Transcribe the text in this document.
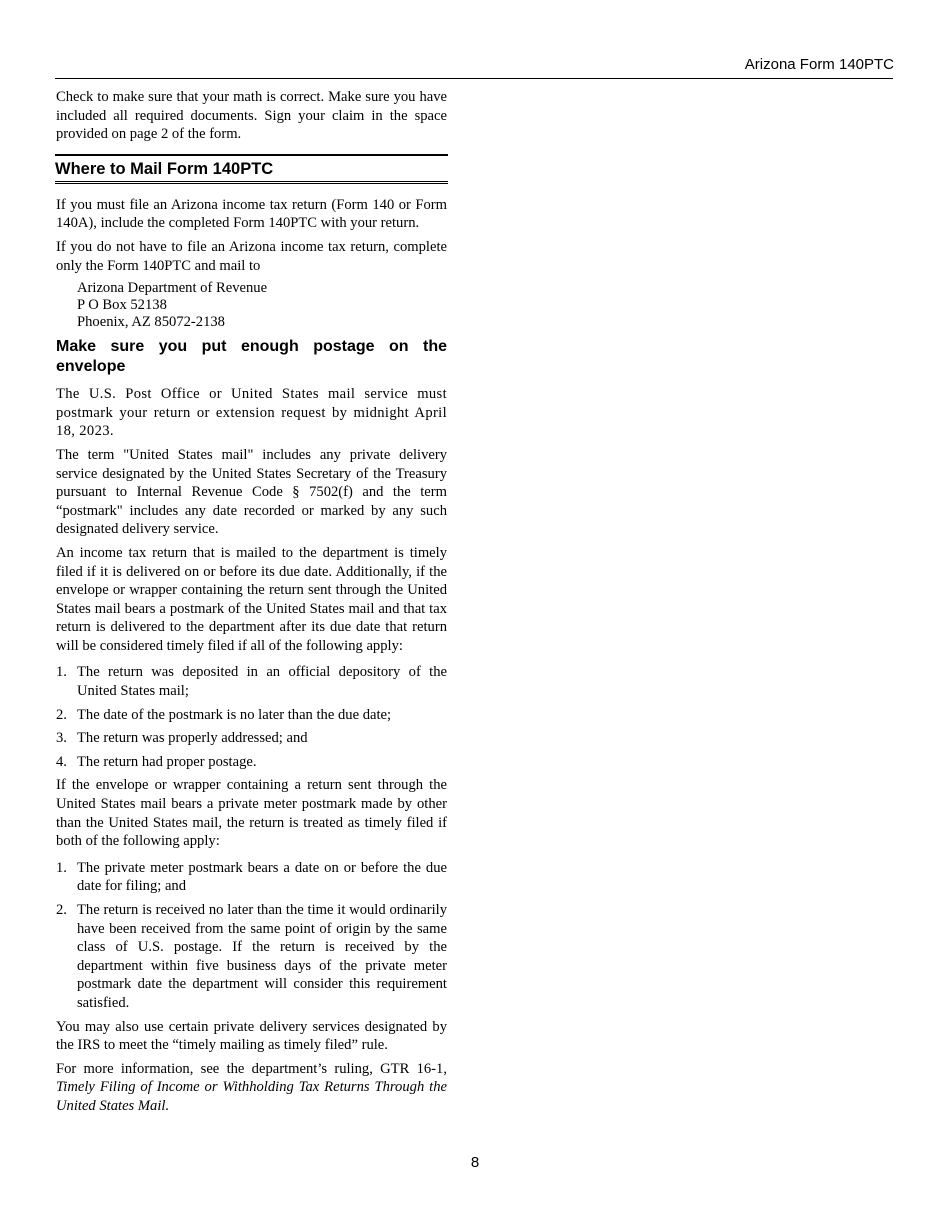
Arizona Form 140PTC

Check to make sure that your math is correct. Make sure you have included all required documents. Sign your claim in the space provided on page 2 of the form.

Where to Mail Form 140PTC

If you must file an Arizona income tax return (Form 140 or Form 140A), include the completed Form 140PTC with your return.

If you do not have to file an Arizona income tax return, complete only the Form 140PTC and mail to

Arizona Department of Revenue
P O Box 52138
Phoenix, AZ 85072-2138
Make sure you put enough postage on the envelope

The U.S. Post Office or United States mail service must postmark your return or extension request by midnight April 18, 2023.

The term "United States mail" includes any private delivery service designated by the United States Secretary of the Treasury pursuant to Internal Revenue Code § 7502(f) and the term “postmark" includes any date recorded or marked by any such designated delivery service.

An income tax return that is mailed to the department is timely filed if it is delivered on or before its due date. Additionally, if the envelope or wrapper containing the return sent through the United States mail bears a postmark of the United States mail and that tax return is delivered to the department after its due date that return will be considered timely filed if all of the following apply:

1. The return was deposited in an official depository of the United States mail;
2. The date of the postmark is no later than the due date;
3. The return was properly addressed; and
4. The return had proper postage.

If the envelope or wrapper containing a return sent through the United States mail bears a private meter postmark made by other than the United States mail, the return is treated as timely filed if both of the following apply:

1. The private meter postmark bears a date on or before the due date for filing; and
2. The return is received no later than the time it would ordinarily have been received from the same point of origin by the same class of U.S. postage. If the return is received by the department within five business days of the private meter postmark date the department will consider this requirement satisfied.

You may also use certain private delivery services designated by the IRS to meet the “timely mailing as timely filed” rule.

For more information, see the department’s ruling, GTR 16-1, Timely Filing of Income or Withholding Tax Returns Through the United States Mail.

8
